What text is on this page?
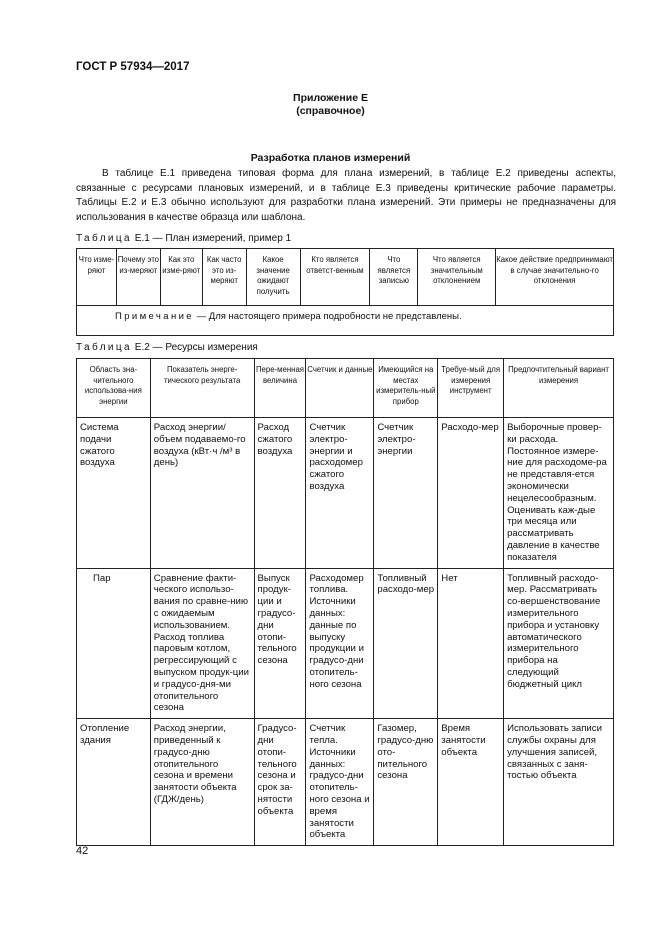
ГОСТ Р 57934—2017
Приложение Е
(справочное)
Разработка планов измерений
В таблице Е.1 приведена типовая форма для плана измерений, в таблице Е.2 приведены аспекты, связанные с ресурсами плановых измерений, и в таблице Е.3 приведены критические рабочие параметры. Таблицы Е.2 и Е.3 обычно используют для разработки плана измерений. Эти примеры не предназначены для использования в качестве образца или шаблона.
Таблица Е.1 — План измерений, пример 1
Что изме-ряют	Почему это из-меряют	Как это изме-ряют	Как часто это из-меряют	Какое значение ожидают получить	Кто является ответст-венным	Что является записью	Что является значительным отклонением	Какое действие предпринимают в случае значительно-го отклонения
Примечание — Для настоящего примера подробности не представлены.
Таблица Е.2 — Ресурсы измерения
Область зна-чительного использова-ния энергии	Показатель энерге-тического результата	Пере-менная величина	Счетчик и данные	Имеющийся на местах измеритель-ный прибор	Требуе-мый для измерения инструмент	Предпочтительный вариант измерения
Система подачи сжатого воздуха	Расход энергии/ объем подаваемо-го воздуха (кВт·ч /м³ в день)	Расход сжатого воздуха	Счетчик электро-энергии и расходомер сжатого воздуха	Счетчик электро-энергии	Расходо-мер	Выборочные провер-ки расхода. Постоянное измере-ние для расходоме-ра не представля-ется экономически нецелесообразным. Оценивать каж-дые три месяца или рассматривать давление в качестве показателя
Пар	Сравнение факти-ческого использо-вания по сравне-нию с ожидаемым использованием. Расход топлива паровым котлом, регрессирующий с выпуском продук-ции и градусо-дня-ми отопительного сезона	Выпуск продук-ции и градусо-дни отопи-тельного сезона	Расходомер топлива. Источники данных: данные по выпуску продукции и градусо-дни отопитель-ного сезона	Топливный расходо-мер	Нет	Топливный расходо-мер. Рассматривать со-вершенствование измерительного прибора и установку автоматического измерительного прибора на следующий бюджетный цикл
Отопление здания	Расход энергии, приведенный к градусо-дню отопительного сезона и времени занятости объекта (ГДЖ/день)	Градусо-дни отопи-тельного сезона и срок за-нятости объекта	Счетчик тепла. Источники данных: градусо-дни отопитель-ного сезона и время занятости объекта	Газомер, градусо-дню ото-пительного сезона	Время занятости объекта	Использовать записи службы охраны для улучшения записей, связанных с заня-тостью объекта
42
